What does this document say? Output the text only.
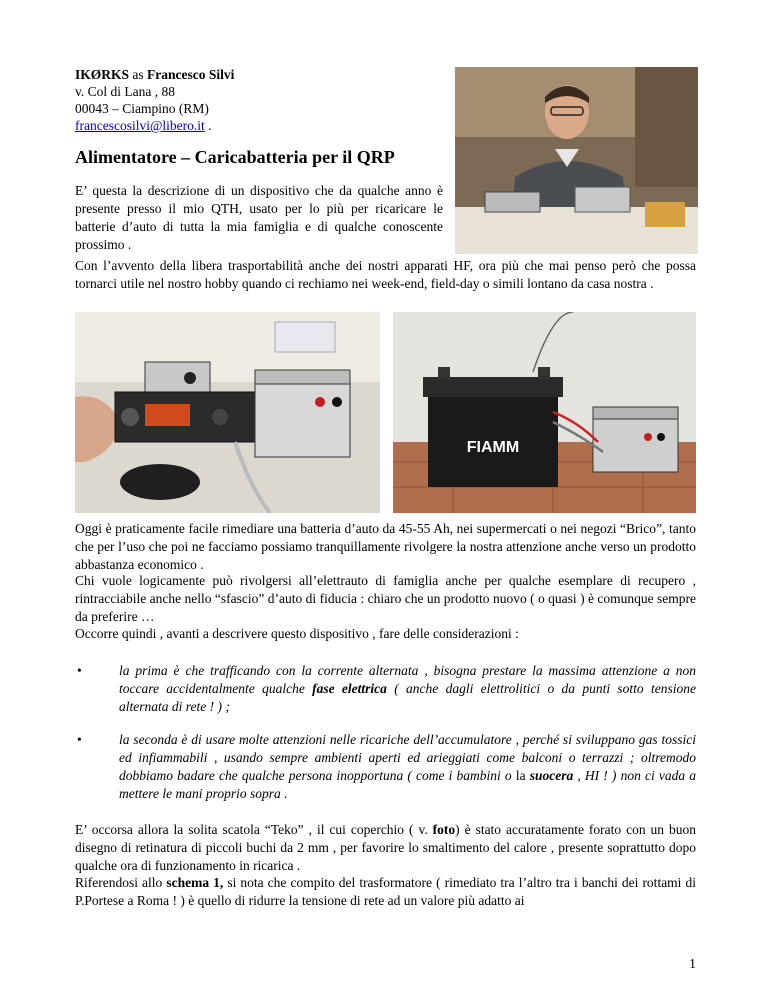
IKØRKS as Francesco Silvi
v. Col di Lana , 88
00043 – Ciampino (RM)
francescosilvi@libero.it .
Alimentatore – Caricabatteria per il QRP
E’ questa la descrizione di un dispositivo che da qualche anno è presente presso il mio QTH, usato per lo più per ricaricare le batterie d’auto di tutta la mia famiglia e di qualche conoscente prossimo .
Con l’avvento della libera trasportabilità anche dei nostri apparati HF, ora più che mai penso però che possa tornarci utile nel nostro hobby quando ci rechiamo nei week-end, field-day o simili lontano da casa nostra .
FIAMM
Oggi è praticamente facile rimediare una batteria d’auto da 45-55 Ah, nei supermercati o nei negozi “Brico”, tanto che per l’uso che poi ne facciamo possiamo tranquillamente rivolgere la nostra attenzione anche verso un prodotto abbastanza economico .
Chi vuole logicamente può rivolgersi all’elettrauto di famiglia anche per qualche esemplare di recupero , rintracciabile anche nello “sfascio” d’auto di fiducia : chiaro che un prodotto nuovo ( o quasi ) è comunque sempre da preferire …
Occorre quindi , avanti a descrivere questo dispositivo , fare delle considerazioni :
•	la prima è che trafficando con la corrente alternata , bisogna prestare la massima attenzione a non toccare accidentalmente qualche fase elettrica ( anche dagli elettrolitici o da punti sotto tensione alternata di rete ! ) ;
•	la seconda è di usare molte attenzioni nelle ricariche dell’accumulatore , perché si sviluppano gas tossici ed infiammabili , usando sempre ambienti aperti ed arieggiati come balconi o terrazzi ; oltremodo dobbiamo badare che qualche persona inopportuna ( come i bambini o la suocera , HI ! ) non ci vada a mettere le mani proprio sopra .
E’ occorsa allora la solita scatola “Teko” , il cui coperchio ( v. foto) è stato accuratamente forato con un buon disegno di retinatura di piccoli buchi da 2 mm , per favorire lo smaltimento del calore , presente soprattutto dopo qualche ora di funzionamento in ricarica .
Riferendosi allo schema 1, si nota che compito del trasformatore ( rimediato tra l’altro tra i banchi dei rottami di P.Portese a Roma ! ) è quello di ridurre la tensione di rete ad un valore più adatto ai
1
